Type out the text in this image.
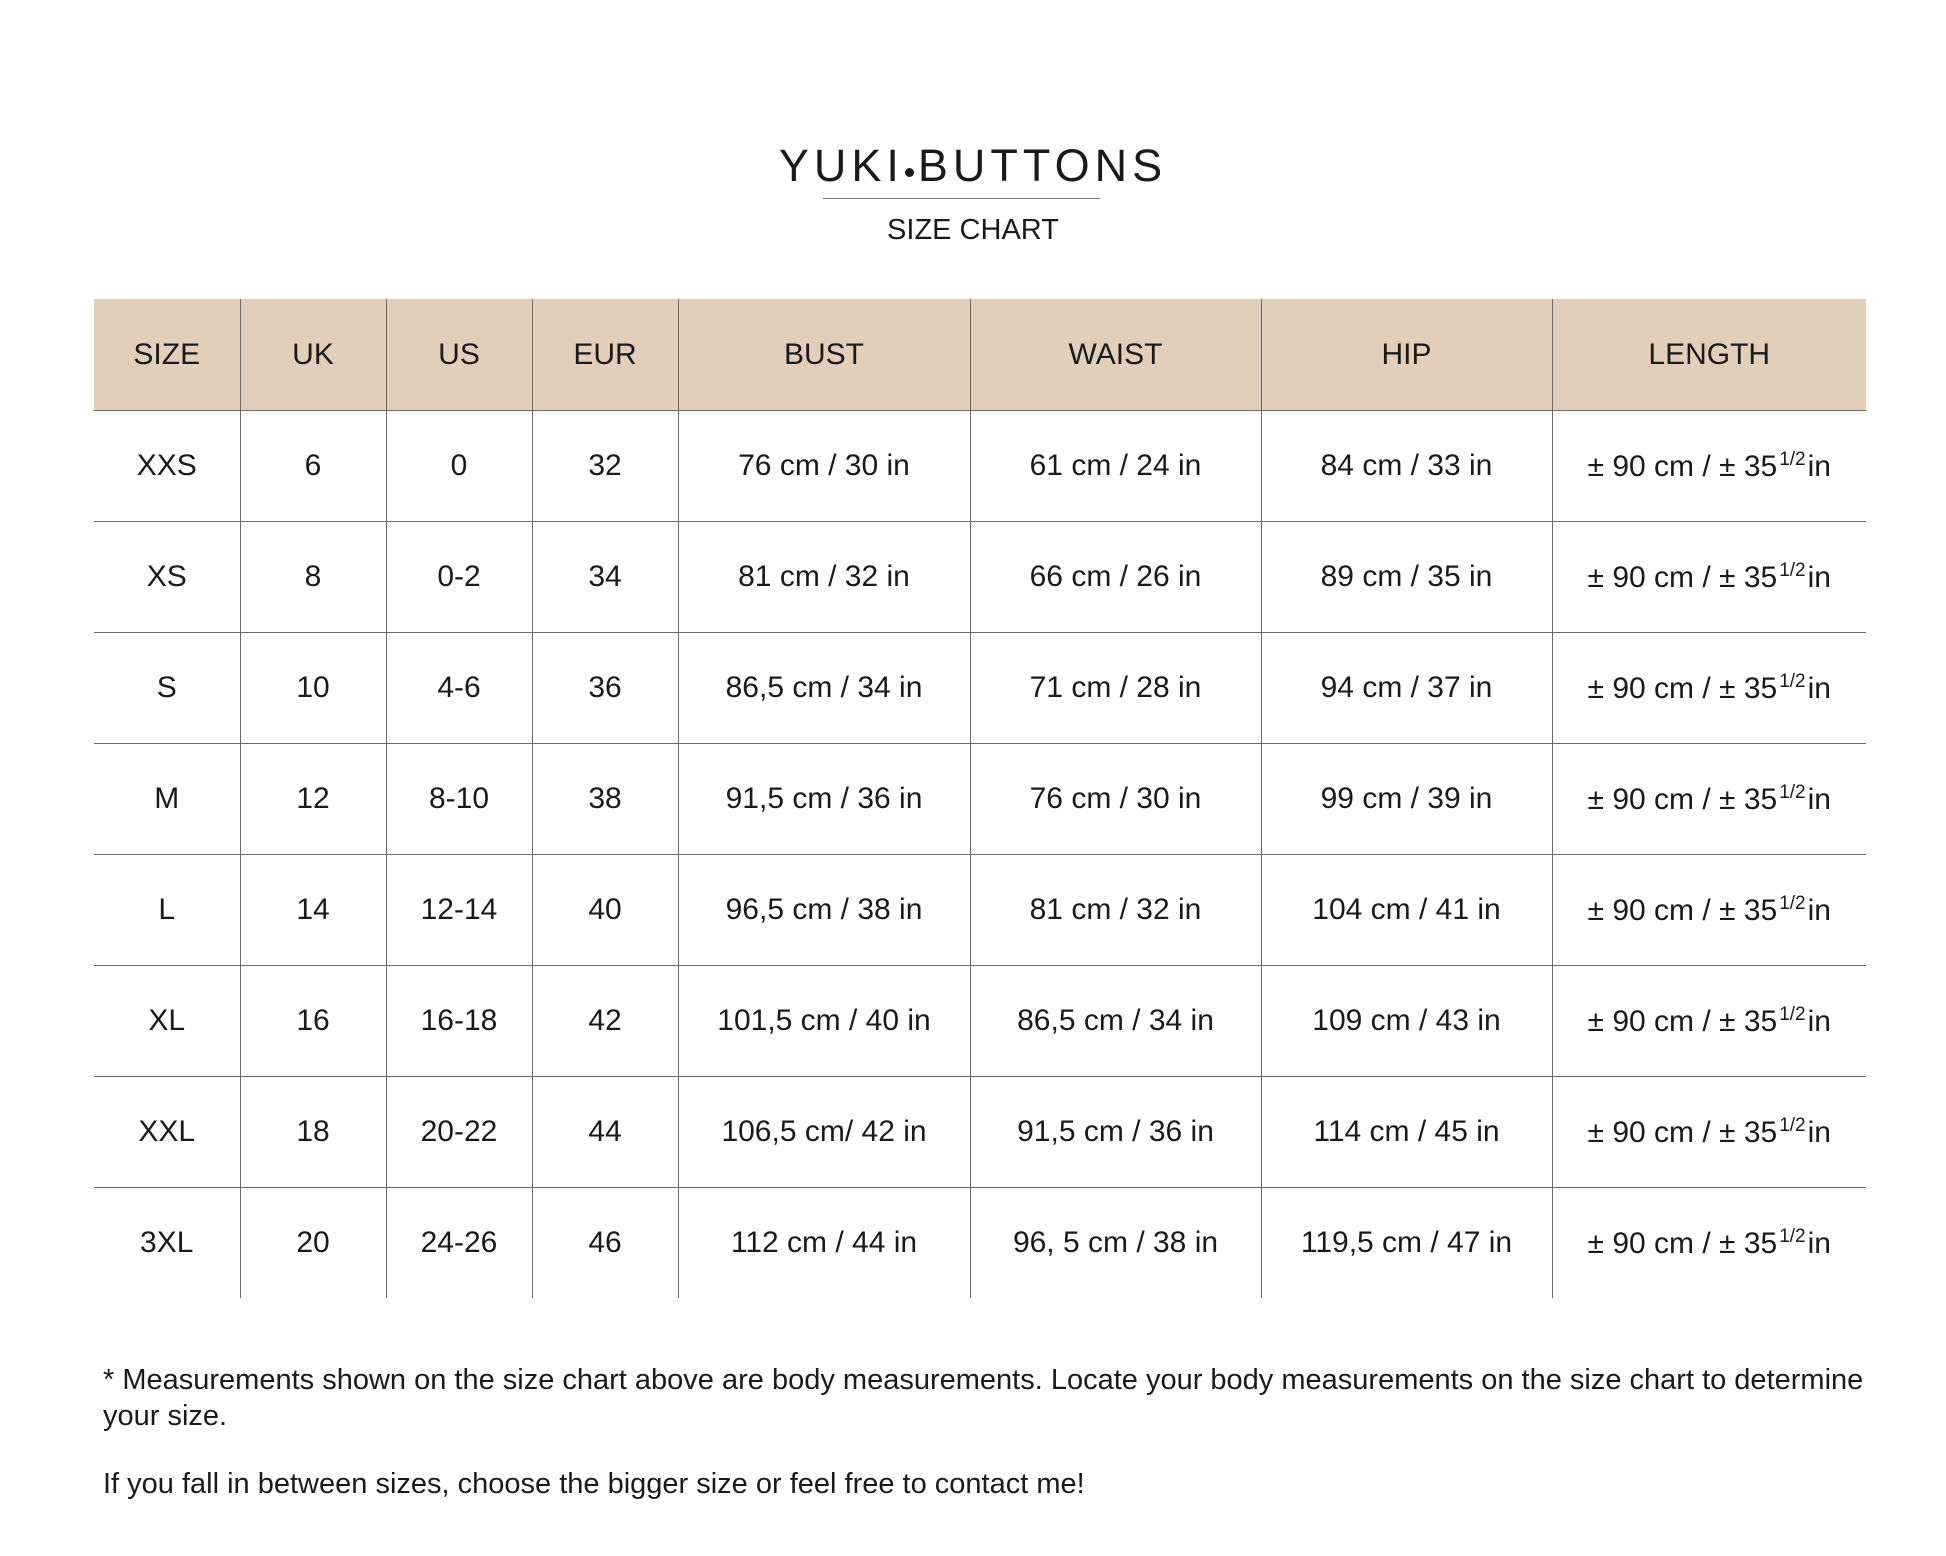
YUKI BUTTONS
SIZE CHART
SIZE	UK	US	EUR	BUST	WAIST	HIP	LENGTH
XXS	6	0	32	76 cm / 30 in	61 cm / 24 in	84 cm / 33 in	± 90 cm / ± 35 $^{1/2}$in
XS	8	0-2	34	81 cm / 32 in	66 cm / 26 in	89 cm / 35 in	± 90 cm / ± 35 $^{1/2}$in
S	10	4-6	36	86,5 cm / 34 in	71 cm / 28 in	94 cm / 37 in	± 90 cm / ± 35 $^{1/2}$in
M	12	8-10	38	91,5 cm / 36 in	76 cm / 30 in	99 cm / 39 in	± 90 cm / ± 35 $^{1/2}$in
L	14	12-14	40	96,5 cm / 38 in	81 cm / 32 in	104 cm / 41 in	± 90 cm / ± 35 $^{1/2}$in
XL	16	16-18	42	101,5 cm / 40 in	86,5 cm / 34 in	109 cm / 43 in	± 90 cm / ± 35 $^{1/2}$in
XXL	18	20-22	44	106,5 cm/ 42 in	91,5 cm / 36 in	114 cm / 45 in	± 90 cm / ± 35 $^{1/2}$in
3XL	20	24-26	46	112 cm / 44 in	96, 5 cm / 38 in	119,5 cm / 47 in	± 90 cm / ± 35 $^{1/2}$in
* Measurements shown on the size chart above are body measurements. Locate your body measurements on the size chart to determine your size.
If you fall in between sizes, choose the bigger size or feel free to contact me!
